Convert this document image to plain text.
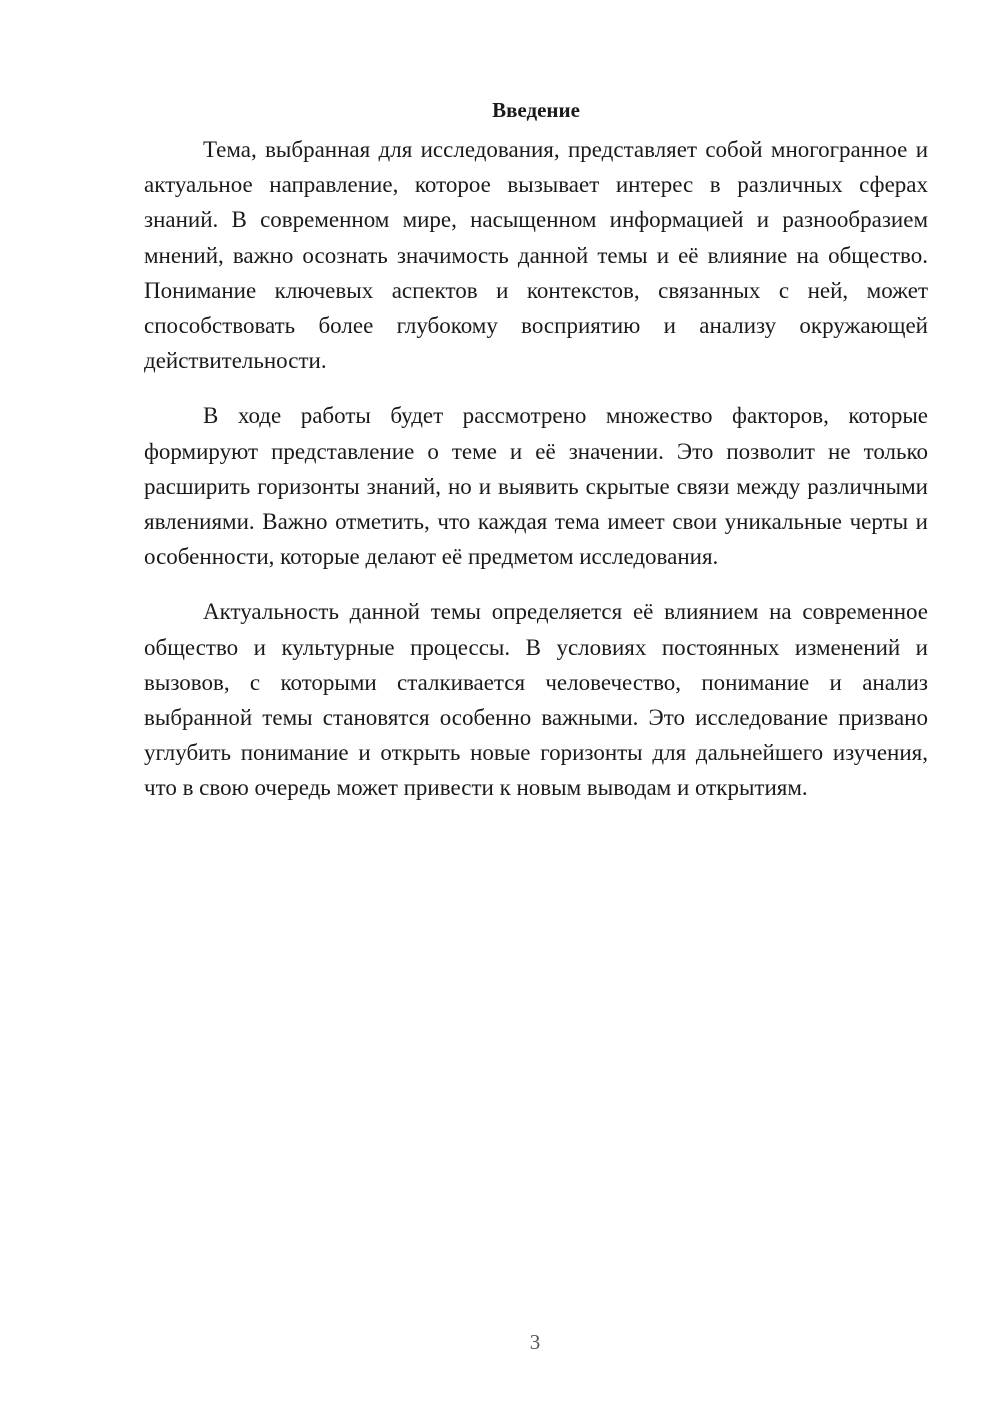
Введение

Тема, выбранная для исследования, представляет собой многогранное и актуальное направление, которое вызывает интерес в различных сферах знаний. В современном мире, насыщенном информацией и разнообразием мнений, важно осознать значимость данной темы и её влияние на общество. Понимание ключевых аспектов и контекстов, связанных с ней, может способствовать более глубокому восприятию и анализу окружающей действительности.

В ходе работы будет рассмотрено множество факторов, которые формируют представление о теме и её значении. Это позволит не только расширить горизонты знаний, но и выявить скрытые связи между различными явлениями. Важно отметить, что каждая тема имеет свои уникальные черты и особенности, которые делают её предметом исследования.

Актуальность данной темы определяется её влиянием на современное общество и культурные процессы. В условиях постоянных изменений и вызовов, с которыми сталкивается человечество, понимание и анализ выбранной темы становятся особенно важными. Это исследование призвано углубить понимание и открыть новые горизонты для дальнейшего изучения, что в свою очередь может привести к новым выводам и открытиям.

3
